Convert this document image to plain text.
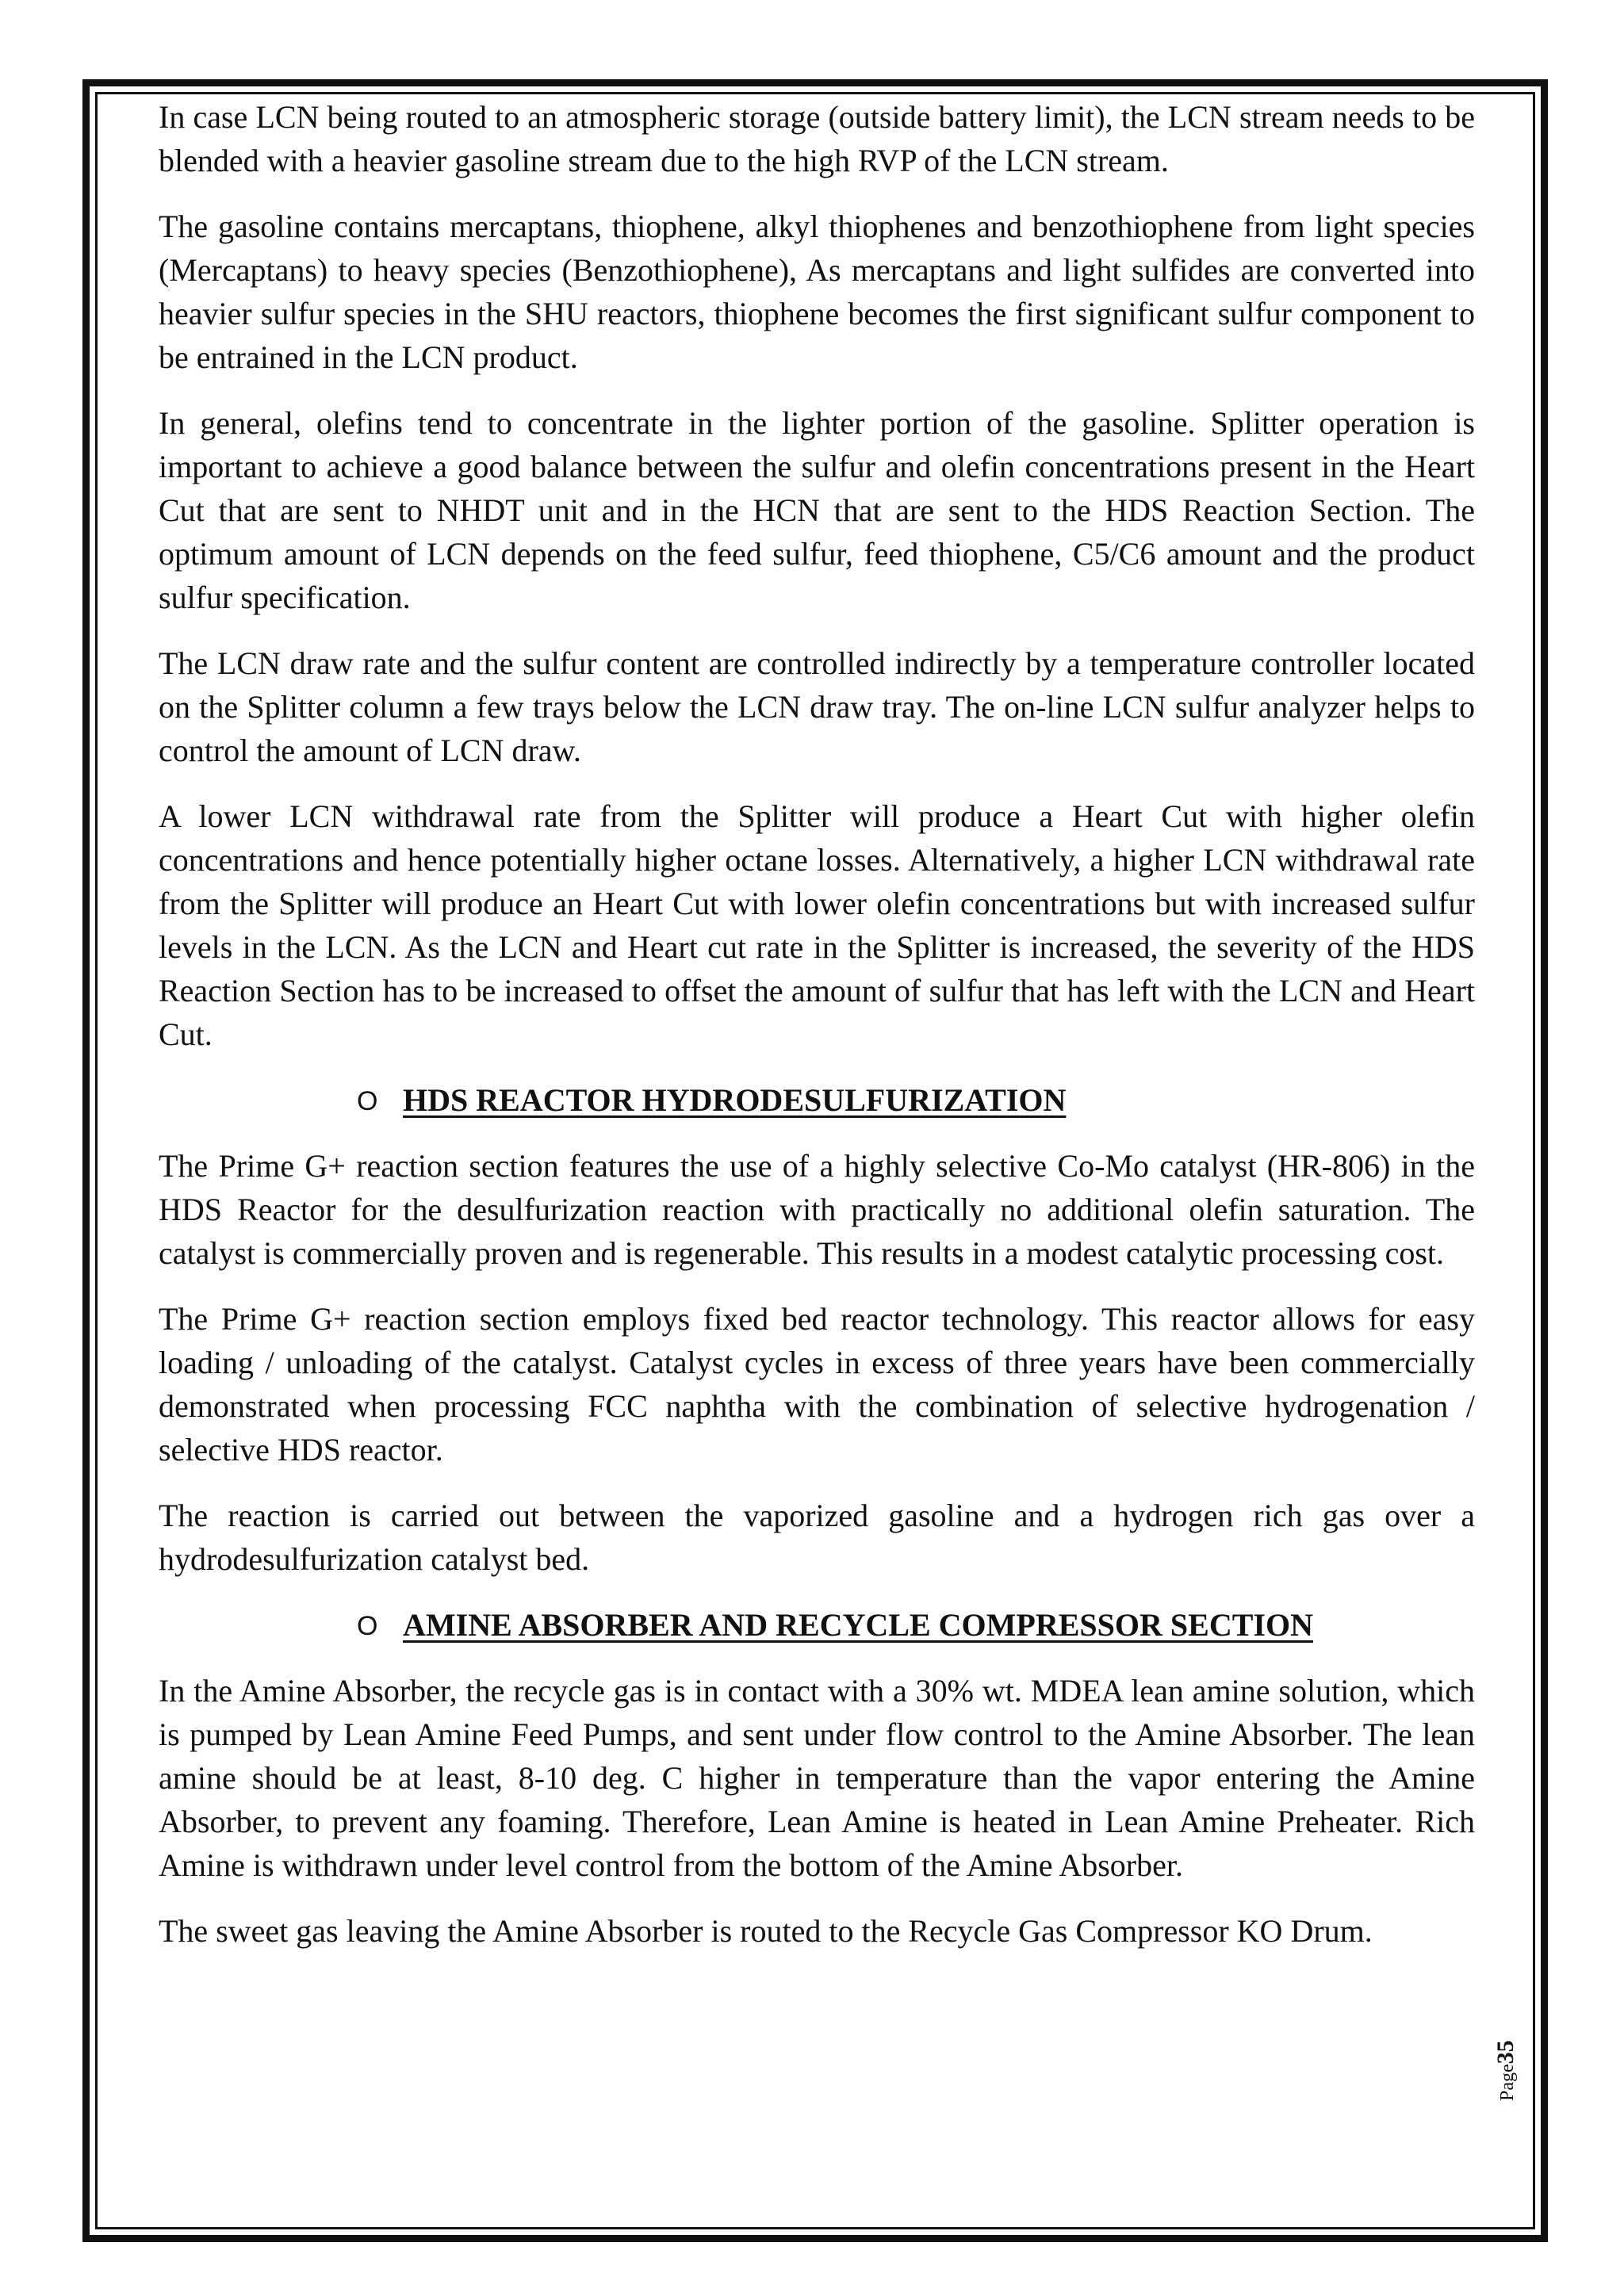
In case LCN being routed to an atmospheric storage (outside battery limit), the LCN stream needs to be blended with a heavier gasoline stream due to the high RVP of the LCN stream.

The gasoline contains mercaptans, thiophene, alkyl thiophenes and benzothiophene from light species (Mercaptans) to heavy species (Benzothiophene), As mercaptans and light sulfides are converted into heavier sulfur species in the SHU reactors, thiophene becomes the first significant sulfur component to be entrained in the LCN product.

In general, olefins tend to concentrate in the lighter portion of the gasoline. Splitter operation is important to achieve a good balance between the sulfur and olefin concentrations present in the Heart Cut that are sent to NHDT unit and in the HCN that are sent to the HDS Reaction Section. The optimum amount of LCN depends on the feed sulfur, feed thiophene, C5/C6 amount and the product sulfur specification.

The LCN draw rate and the sulfur content are controlled indirectly by a temperature controller located on the Splitter column a few trays below the LCN draw tray. The on-line LCN sulfur analyzer helps to control the amount of LCN draw.

A lower LCN withdrawal rate from the Splitter will produce a Heart Cut with higher olefin concentrations and hence potentially higher octane losses. Alternatively, a higher LCN withdrawal rate from the Splitter will produce an Heart Cut with lower olefin concentrations but with increased sulfur levels in the LCN. As the LCN and Heart cut rate in the Splitter is increased, the severity of the HDS Reaction Section has to be increased to offset the amount of sulfur that has left with the LCN and Heart Cut.

O HDS REACTOR HYDRODESULFURIZATION

The Prime G+ reaction section features the use of a highly selective Co-Mo catalyst (HR-806) in the HDS Reactor for the desulfurization reaction with practically no additional olefin saturation. The catalyst is commercially proven and is regenerable. This results in a modest catalytic processing cost.

The Prime G+ reaction section employs fixed bed reactor technology. This reactor allows for easy loading / unloading of the catalyst. Catalyst cycles in excess of three years have been commercially demonstrated when processing FCC naphtha with the combination of selective hydrogenation / selective HDS reactor.

The reaction is carried out between the vaporized gasoline and a hydrogen rich gas over a hydrodesulfurization catalyst bed.

O AMINE ABSORBER AND RECYCLE COMPRESSOR SECTION

In the Amine Absorber, the recycle gas is in contact with a 30% wt. MDEA lean amine solution, which is pumped by Lean Amine Feed Pumps, and sent under flow control to the Amine Absorber. The lean amine should be at least, 8-10 deg. C higher in temperature than the vapor entering the Amine Absorber, to prevent any foaming. Therefore, Lean Amine is heated in Lean Amine Preheater. Rich Amine is withdrawn under level control from the bottom of the Amine Absorber.

The sweet gas leaving the Amine Absorber is routed to the Recycle Gas Compressor KO Drum.

Page35
